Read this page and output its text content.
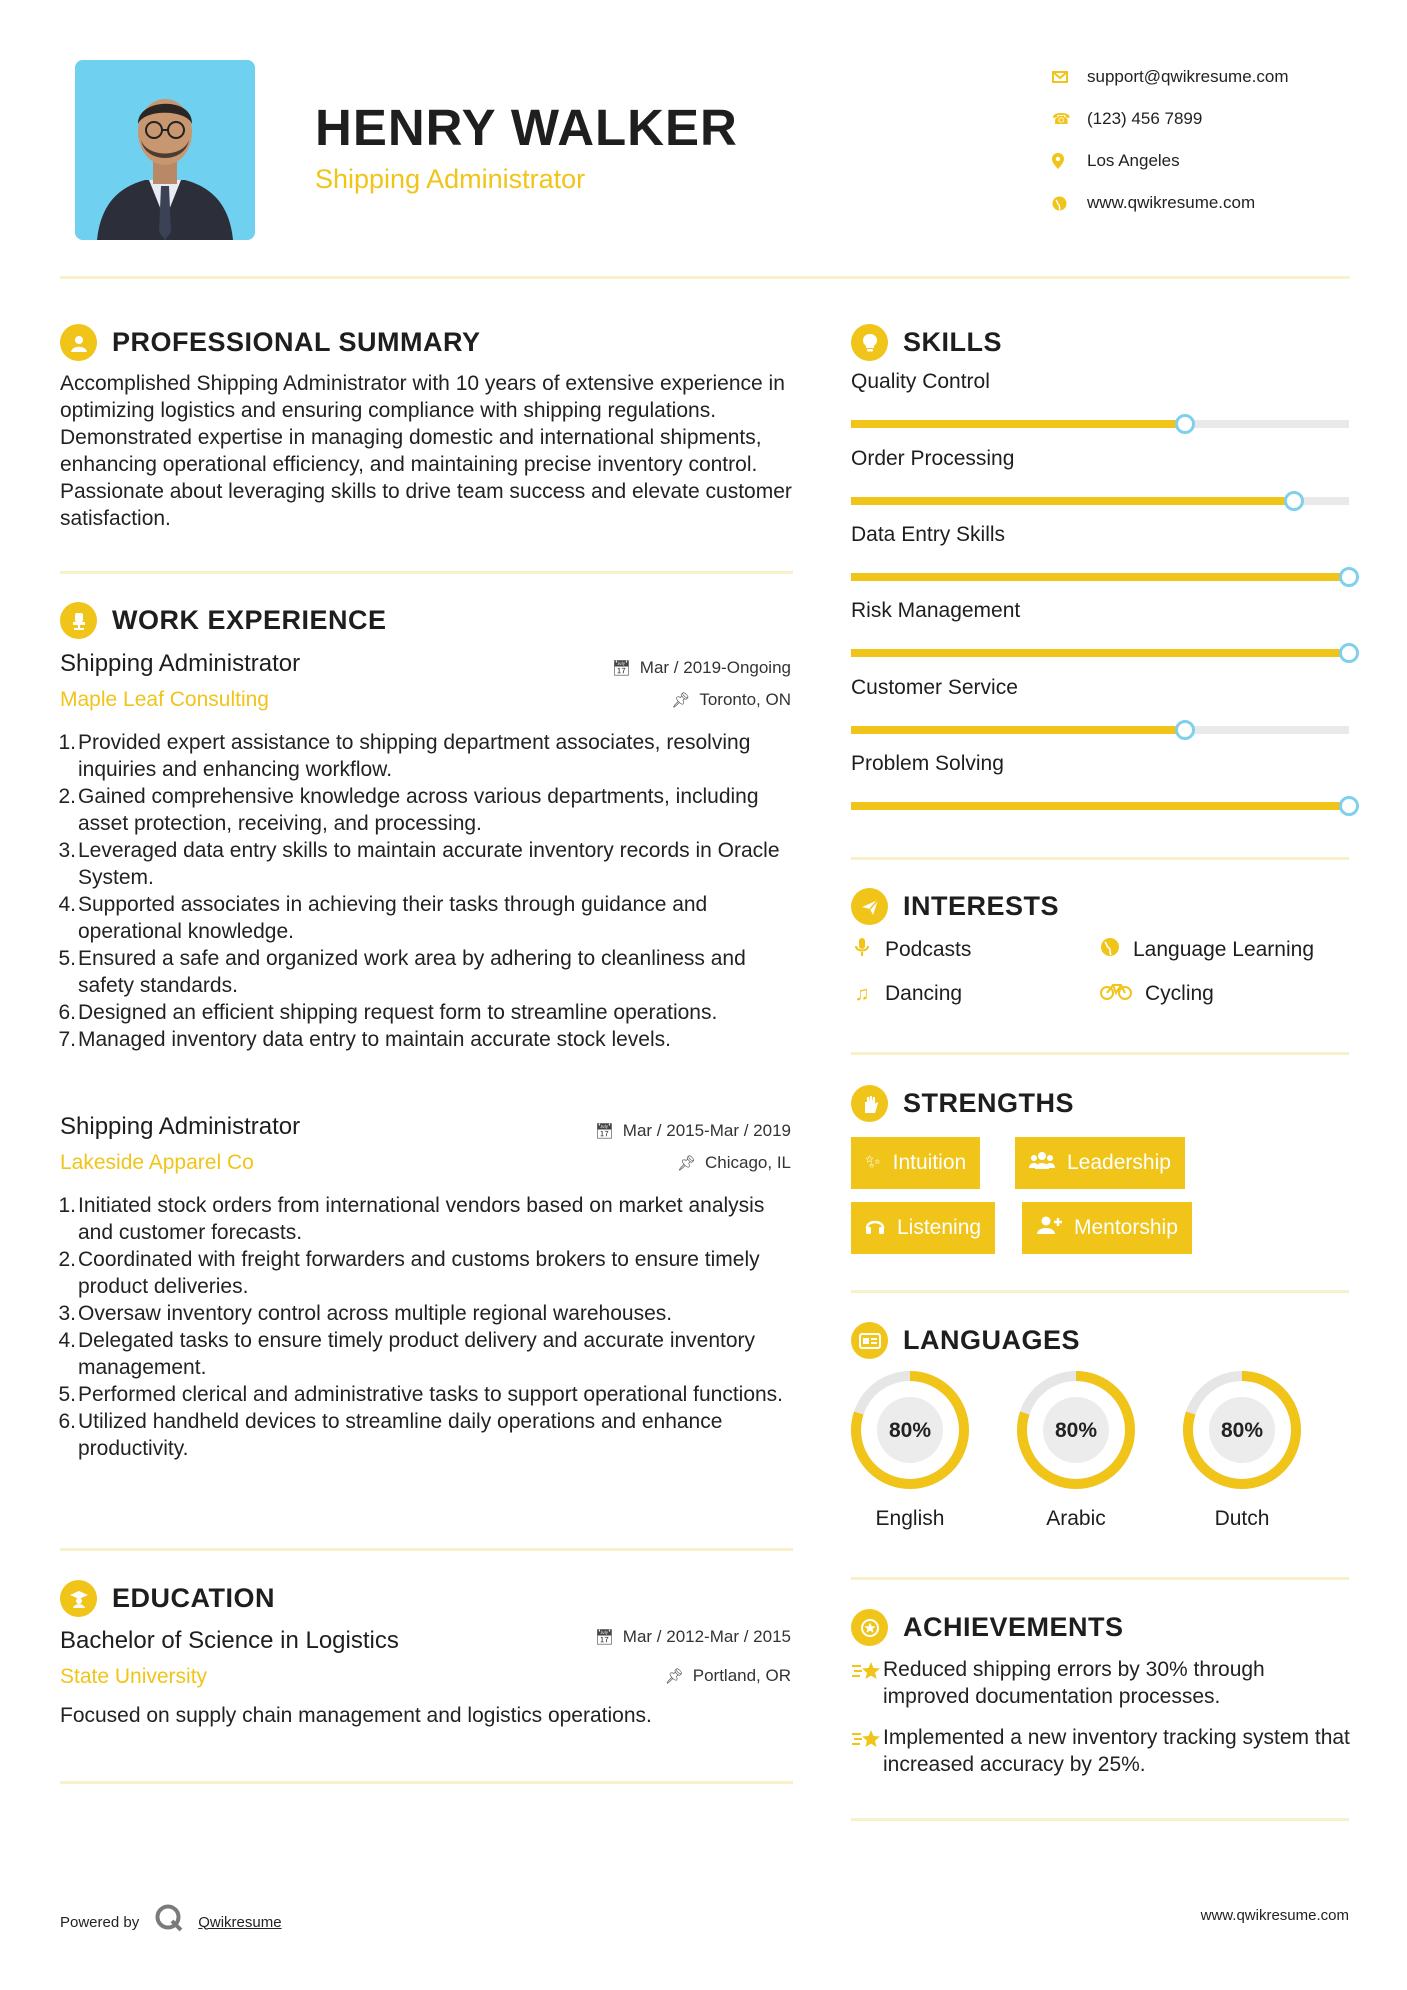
HENRY WALKER
Shipping Administrator
support@qwikresume.com
☎ (123) 456 7899
Los Angeles
www.qwikresume.com
PROFESSIONAL SUMMARY
Accomplished Shipping Administrator with 10 years of extensive experience in optimizing logistics and ensuring compliance with shipping regulations. Demonstrated expertise in managing domestic and international shipments, enhancing operational efficiency, and maintaining precise inventory control. Passionate about leveraging skills to drive team success and elevate customer satisfaction.
WORK EXPERIENCE
Shipping Administrator	📅︎ Mar / 2019-Ongoing
Maple Leaf Consulting	📌︎ Toronto, ON
1. Provided expert assistance to shipping department associates, resolving inquiries and enhancing workflow.
2. Gained comprehensive knowledge across various departments, including asset protection, receiving, and processing.
3. Leveraged data entry skills to maintain accurate inventory records in Oracle System.
4. Supported associates in achieving their tasks through guidance and operational knowledge.
5. Ensured a safe and organized work area by adhering to cleanliness and safety standards.
6. Designed an efficient shipping request form to streamline operations.
7. Managed inventory data entry to maintain accurate stock levels.
Shipping Administrator	📅︎ Mar / 2015-Mar / 2019
Lakeside Apparel Co	📌︎ Chicago, IL
1. Initiated stock orders from international vendors based on market analysis and customer forecasts.
2. Coordinated with freight forwarders and customs brokers to ensure timely product deliveries.
3. Oversaw inventory control across multiple regional warehouses.
4. Delegated tasks to ensure timely product delivery and accurate inventory management.
5. Performed clerical and administrative tasks to support operational functions.
6. Utilized handheld devices to streamline daily operations and enhance productivity.
EDUCATION
Bachelor of Science in Logistics	📅︎ Mar / 2012-Mar / 2015
State University	📌︎ Portland, OR
Focused on supply chain management and logistics operations.
SKILLS
Quality Control
Order Processing
Data Entry Skills
Risk Management
Customer Service
Problem Solving
INTERESTS
Podcasts	Language Learning
♫ Dancing	Cycling
STRENGTHS
✨︎ Intuition	Leadership
Listening	Mentorship
LANGUAGES
80%
English
80%
Arabic
80%
Dutch
ACHIEVEMENTS
Reduced shipping errors by 30% through improved documentation processes.
Implemented a new inventory tracking system that increased accuracy by 25%.
Powered by	Qwikresume	www.qwikresume.com
